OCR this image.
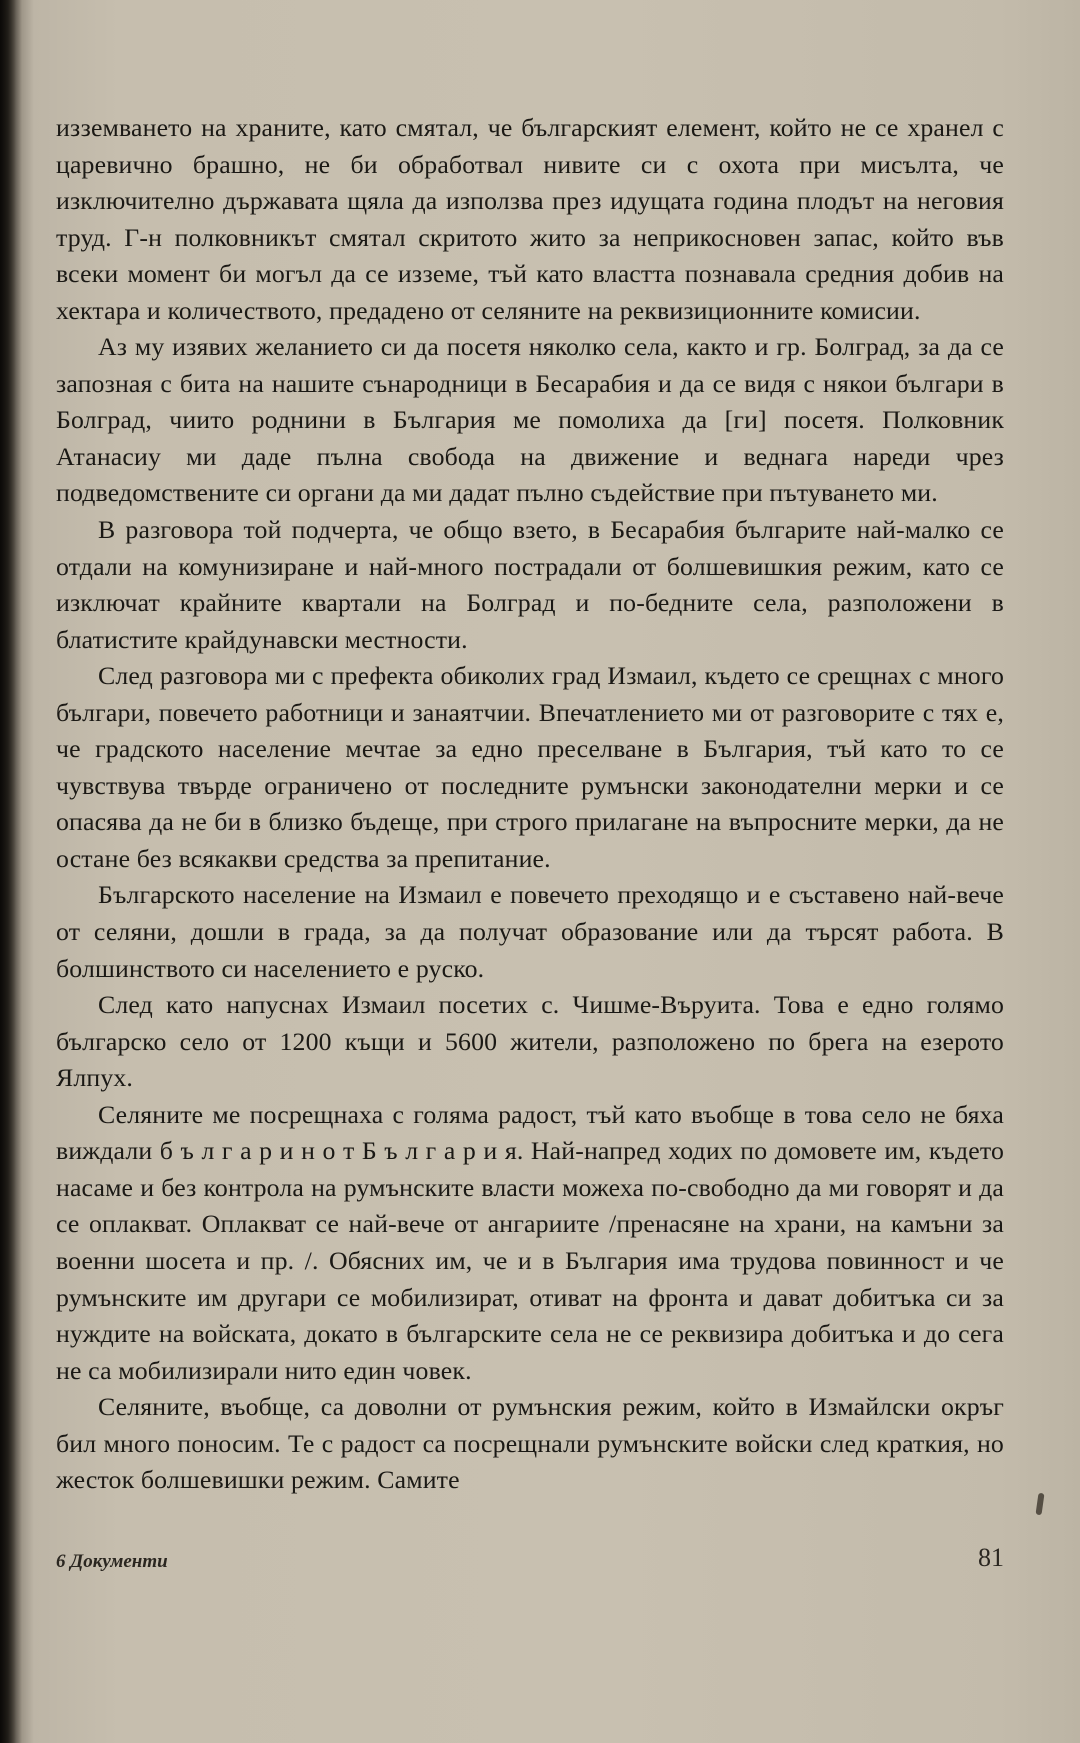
изземването на храните, като смятал, че българският елемент, който не се хранел с царевично брашно, не би обработвал нивите си с охота при мисълта, че изключително държавата щяла да използва през идущата година плодът на неговия труд. Г-н полковникът смятал скритото жито за неприкосновен запас, който във всеки момент би могъл да се изземе, тъй като властта познавала средния добив на хектара и количеството, предадено от селяните на реквизиционните комисии.

Аз му изявих желанието си да посетя няколко села, както и гр. Болград, за да се запозная с бита на нашите сънародници в Бесарабия и да се видя с някои българи в Болград, чиито роднини в България ме помолиха да [ги] посетя. Полковник Атанасиу ми даде пълна свобода на движение и веднага нареди чрез подведомствените си органи да ми дадат пълно съдействие при пътуването ми.

В разговора той подчерта, че общо взето, в Бесарабия българите най-малко се отдали на комунизиране и най-много пострадали от болшевишкия режим, като се изключат крайните квартали на Болград и по-бедните села, разположени в блатистите крайдунавски местности.

След разговора ми с префекта обиколих град Измаил, където се срещнах с много българи, повечето работници и занаятчии. Впечатлението ми от разговорите с тях е, че градското население мечтае за едно преселване в България, тъй като то се чувствува твърде ограничено от последните румънски законодателни мерки и се опасява да не би в близко бъдеще, при строго прилагане на въпросните мерки, да не остане без всякакви средства за препитание.

Българското население на Измаил е повечето преходящо и е съставено най-вече от селяни, дошли в града, за да получат образование или да търсят работа. В болшинството си населението е руско.

След като напуснах Измаил посетих с. Чишме-Въруита. Това е едно голямо българско село от 1200 къщи и 5600 жители, разположено по брега на езерото Ялпух.

Селяните ме посрещнаха с голяма радост, тъй като въобще в това село не бяха виждали б ъ л г а р и н о т Б ъ л г а р и я. Най-напред ходих по домовете им, където насаме и без контрола на румънските власти можеха по-свободно да ми говорят и да се оплакват. Оплакват се най-вече от ангариите /пренасяне на храни, на камъни за военни шосета и пр. /. Обясних им, че и в България има трудова повинност и че румънските им другари се мобилизират, отиват на фронта и дават добитъка си за нуждите на войската, докато в българските села не се реквизира добитъка и до сега не са мобилизирали нито един човек.

Селяните, въобще, са доволни от румънския режим, който в Измайлски окръг бил много поносим. Те с радост са посрещнали румънските войски след краткия, но жесток болшевишки режим. Самите

6 Документи	81
